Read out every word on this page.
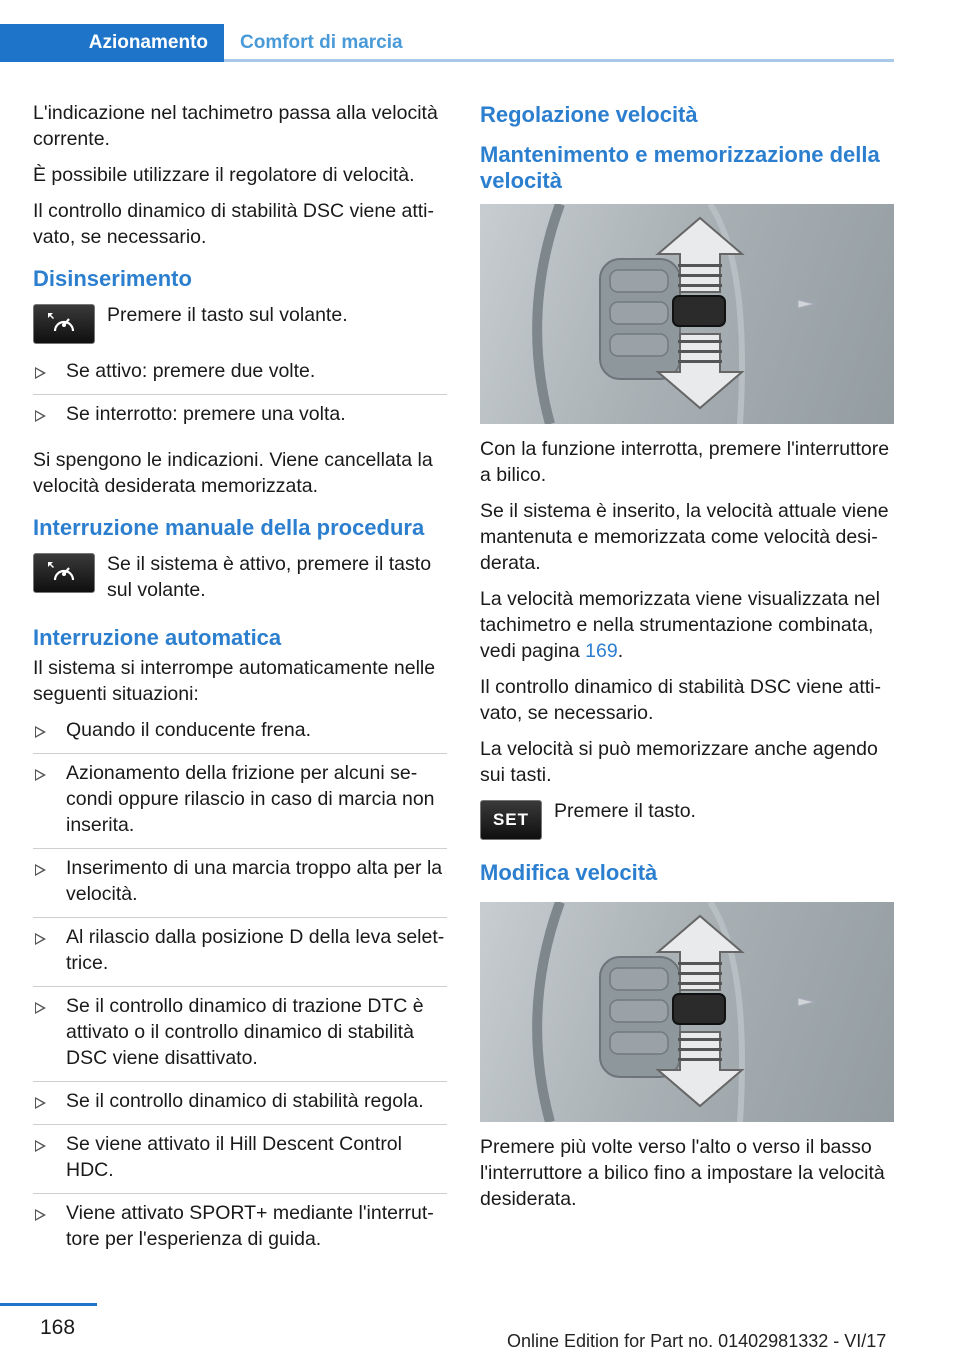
Azionamento	Comfort di marcia

L'indicazione nel tachimetro passa alla velocità corrente.

È possibile utilizzare il regolatore di velocità.

Il controllo dinamico di stabilità DSC viene attivato, se necessario.

Disinserimento
Premere il tasto sul volante.
Se attivo: premere due volte.
Se interrotto: premere una volta.

Si spengono le indicazioni. Viene cancellata la velocità desiderata memorizzata.

Interruzione manuale della procedura
Se il sistema è attivo, premere il tasto sul volante.
Interruzione automatica

Il sistema si interrompe automaticamente nelle seguenti situazioni:

Quando il conducente frena.
Azionamento della frizione per alcuni secondi oppure rilascio in caso di marcia non inserita.
Inserimento di una marcia troppo alta per la velocità.
Al rilascio dalla posizione D della leva selettrice.
Se il controllo dinamico di trazione DTC è attivato o il controllo dinamico di stabilità DSC viene disattivato.
Se il controllo dinamico di stabilità regola.
Se viene attivato il Hill Descent Control HDC.
Viene attivato SPORT+ mediante l'interruttore per l'esperienza di guida.
Regolazione velocità
Mantenimento e memorizzazione della velocità

Con la funzione interrotta, premere l'interruttore a bilico.

Se il sistema è inserito, la velocità attuale viene mantenuta e memorizzata come velocità desiderata.

La velocità memorizzata viene visualizzata nel tachimetro e nella strumentazione combinata, vedi pagina 169.

Il controllo dinamico di stabilità DSC viene attivato, se necessario.

La velocità si può memorizzare anche agendo sui tasti.

SET	Premere il tasto.
Modifica velocità

Premere più volte verso l'alto o verso il basso l'interruttore a bilico fino a impostare la velocità desiderata.

168
Online Edition for Part no. 01402981332 - VI/17
